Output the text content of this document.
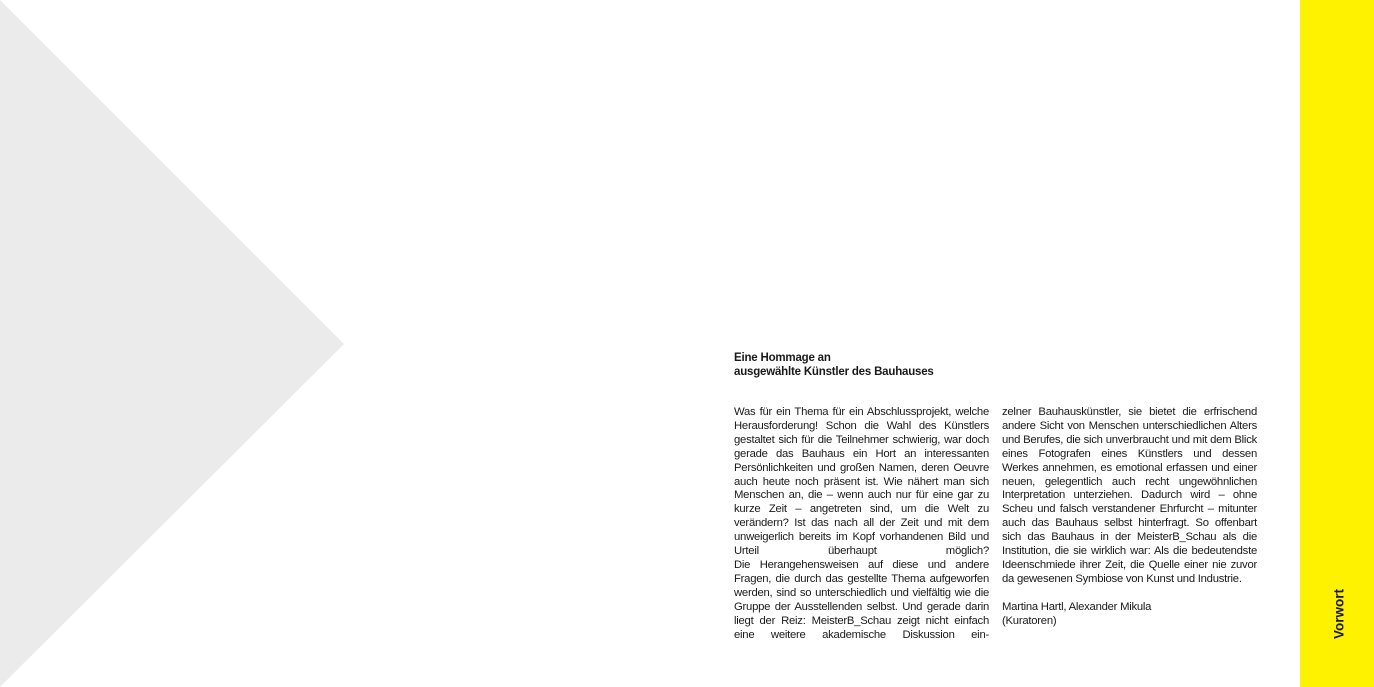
Eine Hommage an
ausgewählte Künstler des Bauhauses

Was für ein Thema für ein Abschlussprojekt, welche Herausforderung! Schon die Wahl des Künstlers gestaltet sich für die Teilnehmer schwierig, war doch gerade das Bauhaus ein Hort an interessanten Persönlichkeiten und großen Namen, deren Oeuvre auch heute noch präsent ist. Wie nähert man sich Menschen an, die – wenn auch nur für eine gar zu kurze Zeit – angetreten sind, um die Welt zu verändern? Ist das nach all der Zeit und mit dem unweigerlich bereits im Kopf vorhandenen Bild und Urteil überhaupt möglich?

Die Herangehensweisen auf diese und andere Fragen, die durch das gestellte Thema aufgeworfen werden, sind so unterschiedlich und vielfältig wie die Gruppe der Ausstellenden selbst. Und gerade darin liegt der Reiz: MeisterB_Schau zeigt nicht einfach eine weitere akademische Diskussion ein-

zelner Bauhauskünstler, sie bietet die erfrischend andere Sicht von Menschen unterschiedlichen Alters und Berufes, die sich unverbraucht und mit dem Blick eines Fotografen eines Künstlers und dessen Werkes annehmen, es emotional erfassen und einer neuen, gelegentlich auch recht ungewöhnlichen Interpretation unterziehen. Dadurch wird – ohne Scheu und falsch verstandener Ehrfurcht – mitunter auch das Bauhaus selbst hinterfragt. So offenbart sich das Bauhaus in der MeisterB_Schau als die Institution, die sie wirklich war: Als die bedeutendste Ideenschmiede ihrer Zeit, die Quelle einer nie zuvor da gewesenen Symbiose von Kunst und Industrie.

Martina Hartl, Alexander Mikula

(Kuratoren)	Vorwort
